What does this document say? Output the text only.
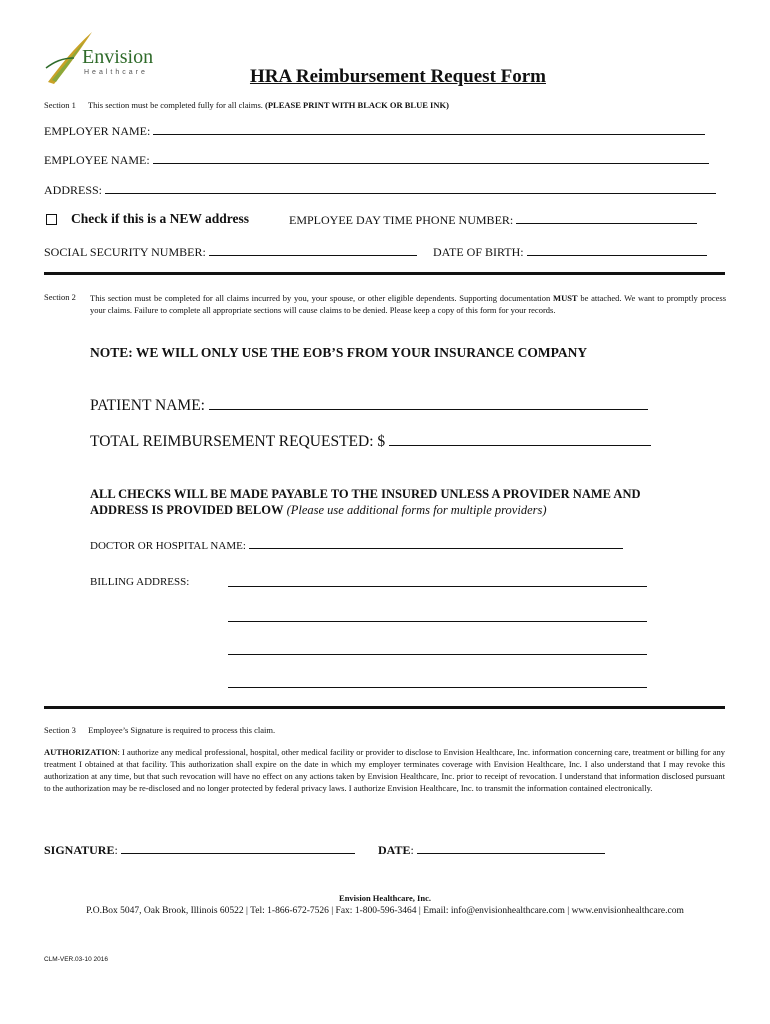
Envision
Healthcare	HRA Reimbursement Request Form
Section 1 This section must be completed fully for all claims. (PLEASE PRINT WITH BLACK OR BLUE INK)
EMPLOYER NAME:
EMPLOYEE NAME:
ADDRESS:
Check if this is a NEW address	EMPLOYEE DAY TIME PHONE NUMBER:
SOCIAL SECURITY NUMBER:	DATE OF BIRTH:
Section 2 This section must be completed for all claims incurred by you, your spouse, or other eligible dependents. Supporting documentation MUST be attached. We want to promptly process your claims. Failure to complete all appropriate sections will cause claims to be denied. Please keep a copy of this form for your records.
NOTE: WE WILL ONLY USE THE EOB’S FROM YOUR INSURANCE COMPANY
PATIENT NAME:
TOTAL REIMBURSEMENT REQUESTED: $
ALL CHECKS WILL BE MADE PAYABLE TO THE INSURED UNLESS A PROVIDER NAME AND
ADDRESS IS PROVIDED BELOW (Please use additional forms for multiple providers)
DOCTOR OR HOSPITAL NAME:
BILLING ADDRESS:
Section 3 Employee’s Signature is required to process this claim.
AUTHORIZATION: I authorize any medical professional, hospital, other medical facility or provider to disclose to Envision Healthcare, Inc. information concerning care, treatment or billing for any treatment I obtained at that facility. This authorization shall expire on the date in which my employer terminates coverage with Envision Healthcare, Inc. I also understand that I may revoke this authorization at any time, but that such revocation will have no effect on any actions taken by Envision Healthcare, Inc. prior to receipt of revocation. I understand that information disclosed pursuant to the authorization may be re-disclosed and no longer protected by federal privacy laws. I authorize Envision Healthcare, Inc. to transmit the information contained electronically.
SIGNATURE:	DATE:
Envision Healthcare, Inc.
P.O.Box 5047, Oak Brook, Illinois 60522 | Tel: 1-866-672-7526 | Fax: 1-800-596-3464 | Email: info@envisionhealthcare.com | www.envisionhealthcare.com
CLM-VER.03-10 2016
